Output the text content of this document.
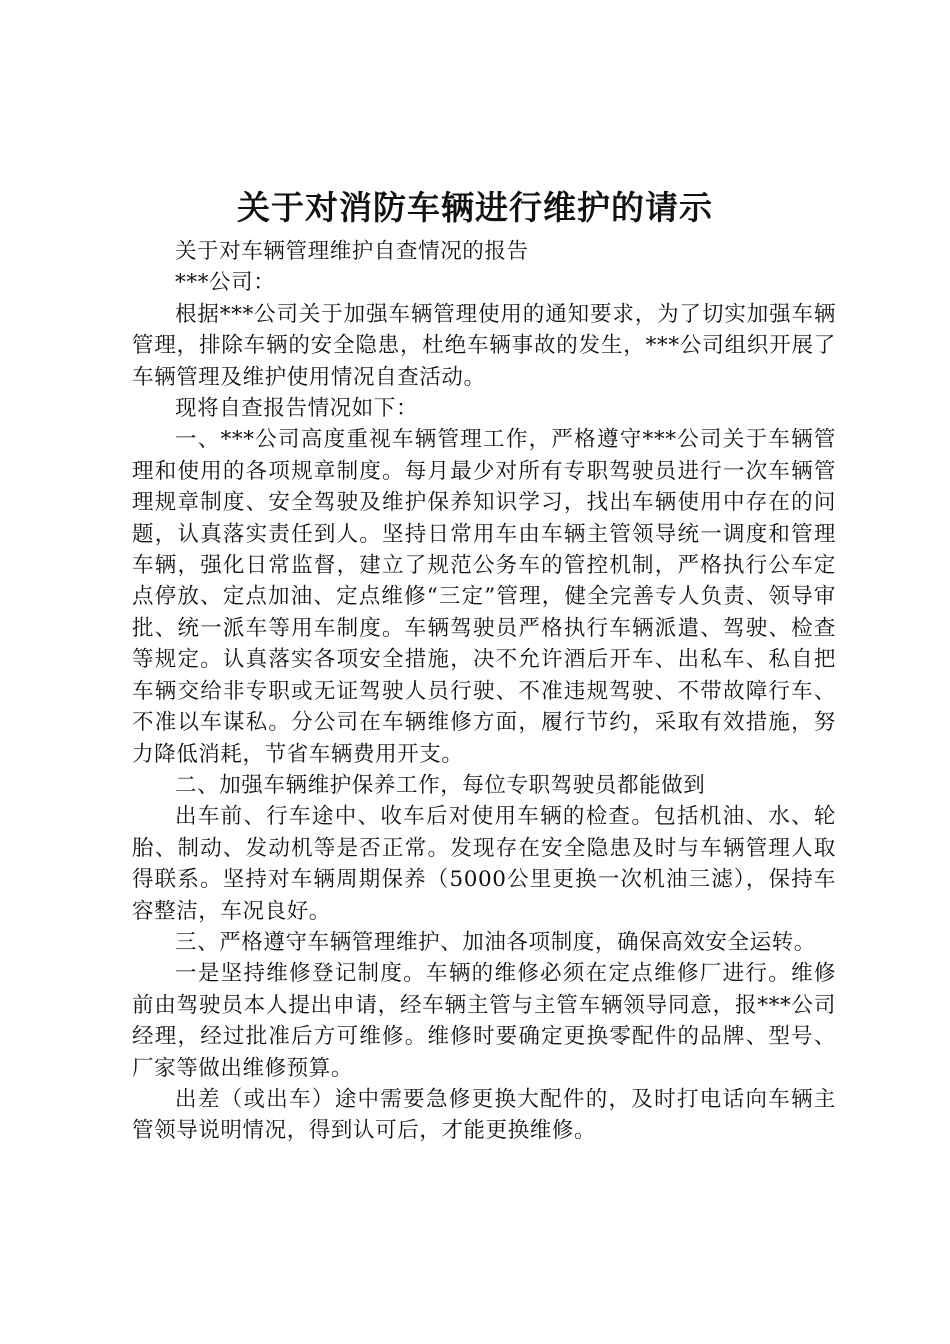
关于对消防车辆进行维护的请示

关于对车辆管理维护自查情况的报告

***公司：

根据***公司关于加强车辆管理使用的通知要求，为了切实加强车辆管理，排除车辆的安全隐患，杜绝车辆事故的发生，***公司组织开展了车辆管理及维护使用情况自查活动。

现将自查报告情况如下：

一、***公司高度重视车辆管理工作，严格遵守***公司关于车辆管理和使用的各项规章制度。每月最少对所有专职驾驶员进行一次车辆管理规章制度、安全驾驶及维护保养知识学习，找出车辆使用中存在的问题，认真落实责任到人。坚持日常用车由车辆主管领导统一调度和管理车辆，强化日常监督，建立了规范公务车的管控机制，严格执行公车定点停放、定点加油、定点维修“三定”管理，健全完善专人负责、领导审批、统一派车等用车制度。车辆驾驶员严格执行车辆派遣、驾驶、检查等规定。认真落实各项安全措施，决不允许酒后开车、出私车、私自把车辆交给非专职或无证驾驶人员行驶、不准违规驾驶、不带故障行车、不准以车谋私。分公司在车辆维修方面，履行节约，采取有效措施，努力降低消耗，节省车辆费用开支。

二、加强车辆维护保养工作，每位专职驾驶员都能做到

出车前、行车途中、收车后对使用车辆的检查。包括机油、水、轮胎、制动、发动机等是否正常。发现存在安全隐患及时与车辆管理人取得联系。坚持对车辆周期保养（5000公里更换一次机油三滤），保持车容整洁，车况良好。

三、严格遵守车辆管理维护、加油各项制度，确保高效安全运转。

一是坚持维修登记制度。车辆的维修必须在定点维修厂进行。维修前由驾驶员本人提出申请，经车辆主管与主管车辆领导同意，报***公司经理，经过批准后方可维修。维修时要确定更换零配件的品牌、型号、厂家等做出维修预算。

出差（或出车）途中需要急修更换大配件的，及时打电话向车辆主管领导说明情况，得到认可后，才能更换维修。
